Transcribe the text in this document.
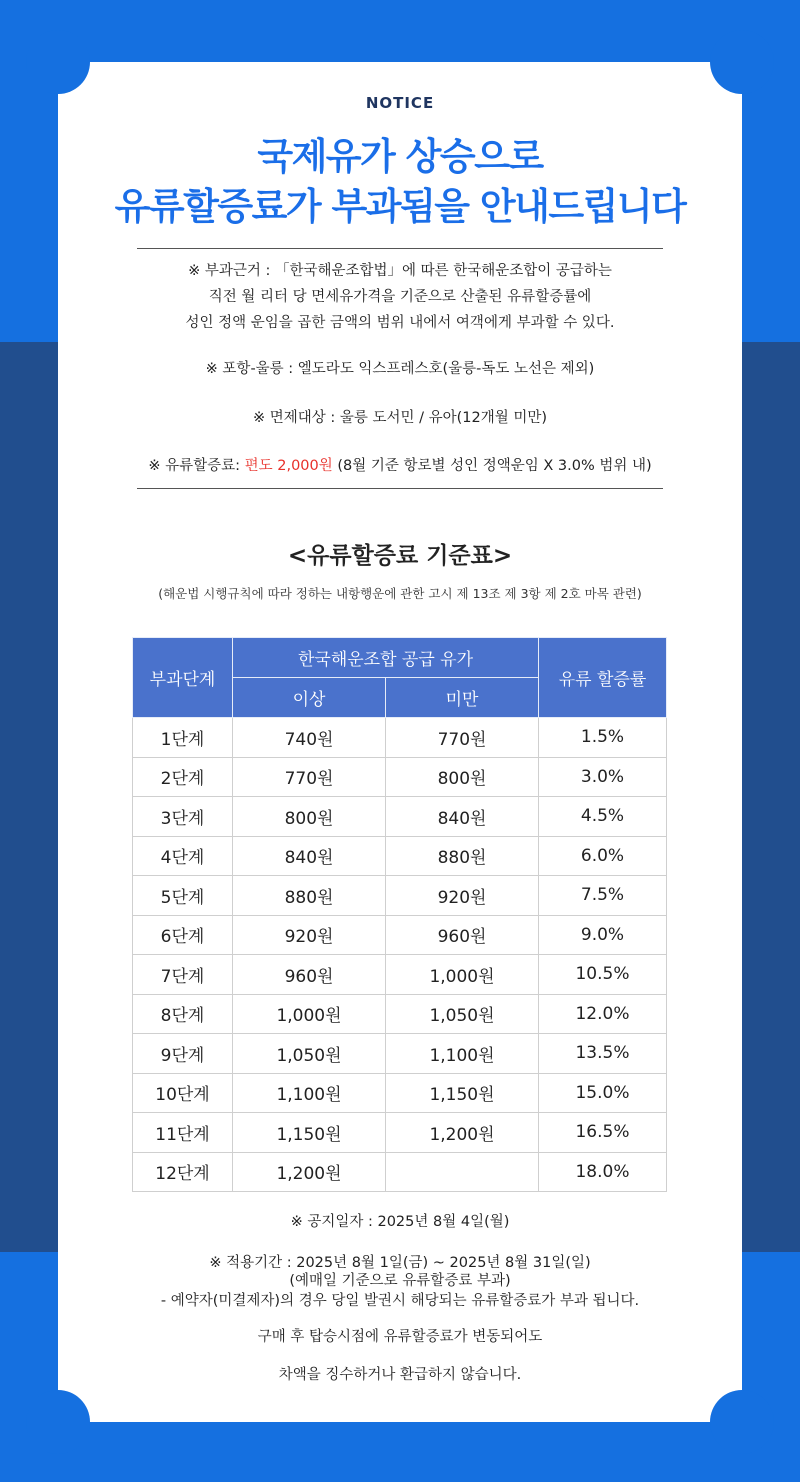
NOTICE
국제유가 상승으로
유류할증료가 부과됨을 안내드립니다
※ 부과근거 : 「한국해운조합법」에 따른 한국해운조합이 공급하는
직전 월 리터 당 면세유가격을 기준으로 산출된 유류할증률에
성인 정액 운임을 곱한 금액의 범위 내에서 여객에게 부과할 수 있다.
※ 포항-울릉 : 엘도라도 익스프레스호(울릉-독도 노선은 제외)
※ 면제대상 : 울릉 도서민 / 유아(12개월 미만)
※ 유류할증료: 편도 2,000원 (8월 기준 항로별 성인 정액운임 X 3.0% 범위 내)
<유류할증료 기준표>
(해운법 시행규칙에 따라 정하는 내항행운에 관한 고시 제 13조 제 3항 제 2호 마목 관련)
부과단계	한국해운조합 공급 유가		유류 할증률
	이상	미만	
1단계	740원	770원	1.5%
2단계	770원	800원	3.0%
3단계	800원	840원	4.5%
4단계	840원	880원	6.0%
5단계	880원	920원	7.5%
6단계	920원	960원	9.0%
7단계	960원	1,000원	10.5%
8단계	1,000원	1,050원	12.0%
9단계	1,050원	1,100원	13.5%
10단계	1,100원	1,150원	15.0%
11단계	1,150원	1,200원	16.5%
12단계	1,200원		18.0%
※ 공지일자 : 2025년 8월 4일(월)
※ 적용기간 : 2025년 8월 1일(금) ~ 2025년 8월 31일(일)
(예매일 기준으로 유류할증료 부과)
- 예약자(미결제자)의 경우 당일 발권시 해당되는 유류할증료가 부과 됩니다.
구매 후 탑승시점에 유류할증료가 변동되어도
차액을 징수하거나 환급하지 않습니다.
